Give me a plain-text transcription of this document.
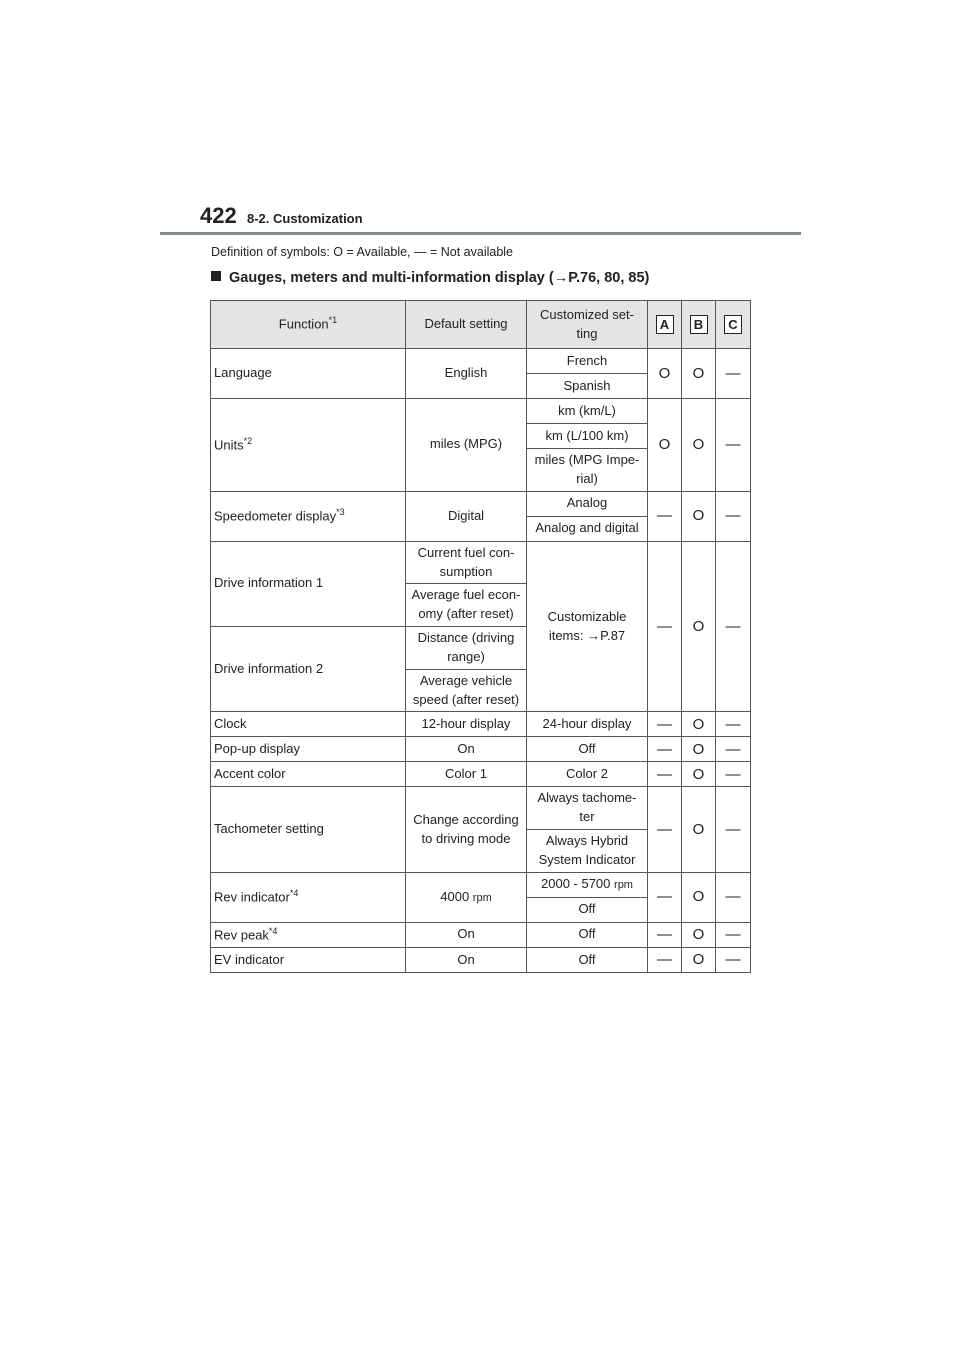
422 8-2. Customization
Definition of symbols: O = Available, — = Not available
Gauges, meters and multi-information display (→P.76, 80, 85)
Function$^{*1}$	Default setting	Customized set-ting	A	B	C
Language	English	French	O	O	—
		Spanish			
Units$^{*2}$	miles (MPG)	km (km/L)	O	O	—
		km (L/100 km)			
		miles (MPG Impe-rial)			
Speedometer display$^{*3}$	Digital	Analog	—	O	—
		Analog and digital			
Drive information 1	Current fuel con-sumption	Customizable items: →P.87	—	O	—
	Average fuel econ-omy (after reset)				
Drive information 2	Distance (driving range)				
	Average vehicle speed (after reset)				
Clock	12-hour display	24-hour display	—	O	—
Pop-up display	On	Off	—	O	—
Accent color	Color 1	Color 2	—	O	—
Tachometer setting	Change according to driving mode	Always tachome-ter	—	O	—
		Always Hybrid System Indicator			
Rev indicator$^{*4}$	4000 rpm	2000 - 5700 rpm	—	O	—
		Off			
Rev peak$^{*4}$	On	Off	—	O	—
EV indicator	On	Off	—	O	—
